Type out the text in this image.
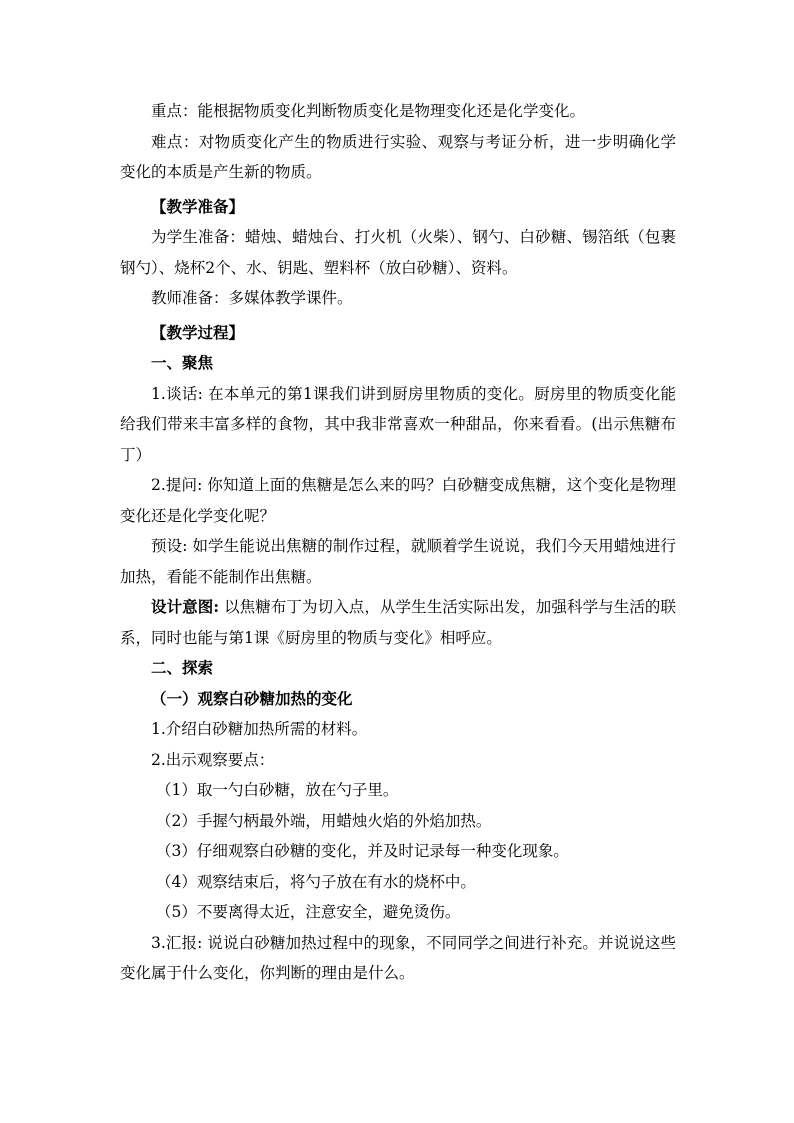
重点：能根据物质变化判断物质变化是物理变化还是化学变化。

难点：对物质变化产生的物质进行实验、观察与考证分析，进一步明确化学变化的本质是产生新的物质。

【教学准备】

为学生准备：蜡烛、蜡烛台、打火机（火柴）、钢勺、白砂糖、锡箔纸（包裹钢勺）、烧杯2个、水、钥匙、塑料杯（放白砂糖）、资料。

教师准备：多媒体教学课件。

【教学过程】

一、聚焦

1.谈话: 在本单元的第1课我们讲到厨房里物质的变化。厨房里的物质变化能给我们带来丰富多样的食物，其中我非常喜欢一种甜品，你来看看。(出示焦糖布丁）

2.提问: 你知道上面的焦糖是怎么来的吗？白砂糖变成焦糖，这个变化是物理变化还是化学变化呢？

预设: 如学生能说出焦糖的制作过程，就顺着学生说说，我们今天用蜡烛进行加热，看能不能制作出焦糖。

设计意图: 以焦糖布丁为切入点，从学生生活实际出发，加强科学与生活的联系，同时也能与第1课《厨房里的物质与变化》相呼应。

二、探索

（一）观察白砂糖加热的变化

1.介绍白砂糖加热所需的材料。

2.出示观察要点：

（1）取一勺白砂糖，放在勺子里。

（2）手握勺柄最外端，用蜡烛火焰的外焰加热。

（3）仔细观察白砂糖的变化，并及时记录每一种变化现象。

（4）观察结束后，将勺子放在有水的烧杯中。

（5）不要离得太近，注意安全，避免烫伤。

3.汇报: 说说白砂糖加热过程中的现象，不同同学之间进行补充。并说说这些变化属于什么变化，你判断的理由是什么。
